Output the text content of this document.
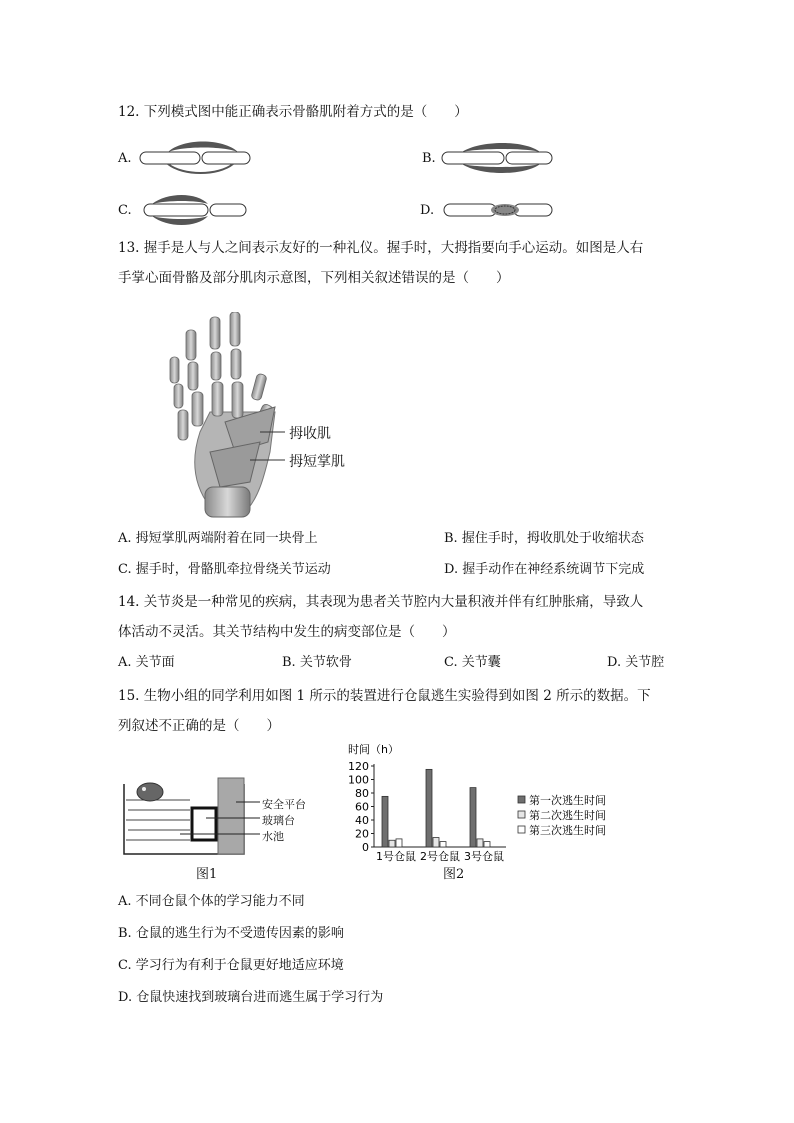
12. 下列模式图中能正确表示骨骼肌附着方式的是（　　）
A.	B.
C.	D.
13. 握手是人与人之间表示友好的一种礼仪。握手时，大拇指要向手心运动。如图是人右
手掌心面骨骼及部分肌肉示意图，下列相关叙述错误的是（　　）
拇收肌
拇短掌肌
A. 拇短掌肌两端附着在同一块骨上	B. 握住手时，拇收肌处于收缩状态
C. 握手时，骨骼肌牵拉骨绕关节运动	D. 握手动作在神经系统调节下完成
14. 关节炎是一种常见的疾病，其表现为患者关节腔内大量积液并伴有红肿胀痛，导致人
体活动不灵活。其关节结构中发生的病变部位是（　　）
A. 关节面	B. 关节软骨	C. 关节囊	D. 关节腔
15. 生物小组的同学利用如图 1 所示的装置进行仓鼠逃生实验得到如图 2 所示的数据。下
列叙述不正确的是（　　）
安全平台
玻璃台
水池
图1
时间（h）
0
20
40
60
80
100
120
1号仓鼠 2号仓鼠 3号仓鼠
第一次逃生时间
第二次逃生时间
第三次逃生时间
图2
A. 不同仓鼠个体的学习能力不同
B. 仓鼠的逃生行为不受遗传因素的影响
C. 学习行为有利于仓鼠更好地适应环境
D. 仓鼠快速找到玻璃台进而逃生属于学习行为
